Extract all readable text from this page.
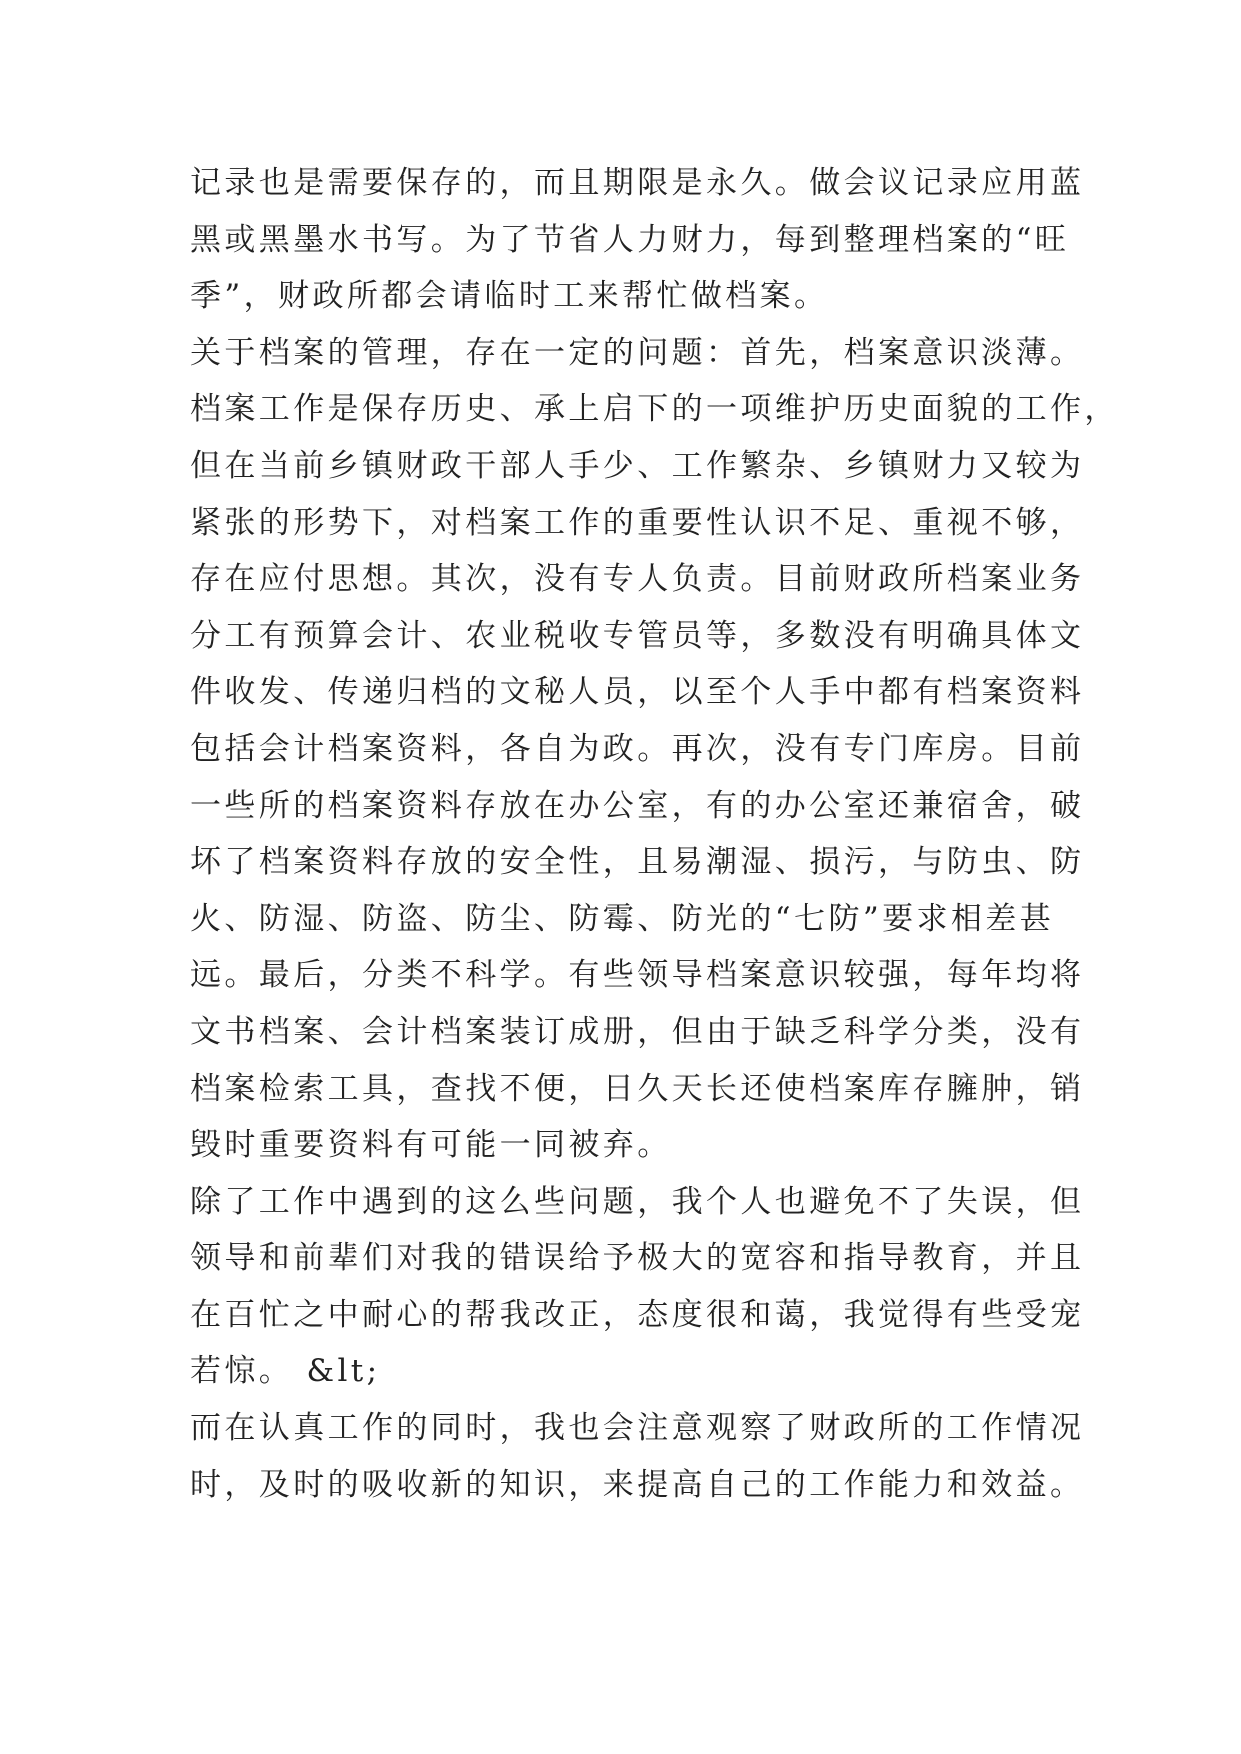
记录也是需要保存的，而且期限是永久。做会议记录应用蓝
黑或黑墨水书写。为了节省人力财力，每到整理档案的“旺
季”，财政所都会请临时工来帮忙做档案。
关于档案的管理，存在一定的问题：首先，档案意识淡薄。
档案工作是保存历史、承上启下的一项维护历史面貌的工作，
但在当前乡镇财政干部人手少、工作繁杂、乡镇财力又较为
紧张的形势下，对档案工作的重要性认识不足、重视不够，
存在应付思想。其次，没有专人负责。目前财政所档案业务
分工有预算会计、农业税收专管员等，多数没有明确具体文
件收发、传递归档的文秘人员，以至个人手中都有档案资料
包括会计档案资料，各自为政。再次，没有专门库房。目前
一些所的档案资料存放在办公室，有的办公室还兼宿舍，破
坏了档案资料存放的安全性，且易潮湿、损污，与防虫、防
火、防湿、防盗、防尘、防霉、防光的“七防”要求相差甚
远。最后，分类不科学。有些领导档案意识较强，每年均将
文书档案、会计档案装订成册，但由于缺乏科学分类，没有
档案检索工具，查找不便，日久天长还使档案库存臃肿，销
毁时重要资料有可能一同被弃。
除了工作中遇到的这么些问题，我个人也避免不了失误，但
领导和前辈们对我的错误给予极大的宽容和指导教育，并且
在百忙之中耐心的帮我改正，态度很和蔼，我觉得有些受宠
若惊。 &lt;
而在认真工作的同时，我也会注意观察了财政所的工作情况
时，及时的吸收新的知识，来提高自己的工作能力和效益。
